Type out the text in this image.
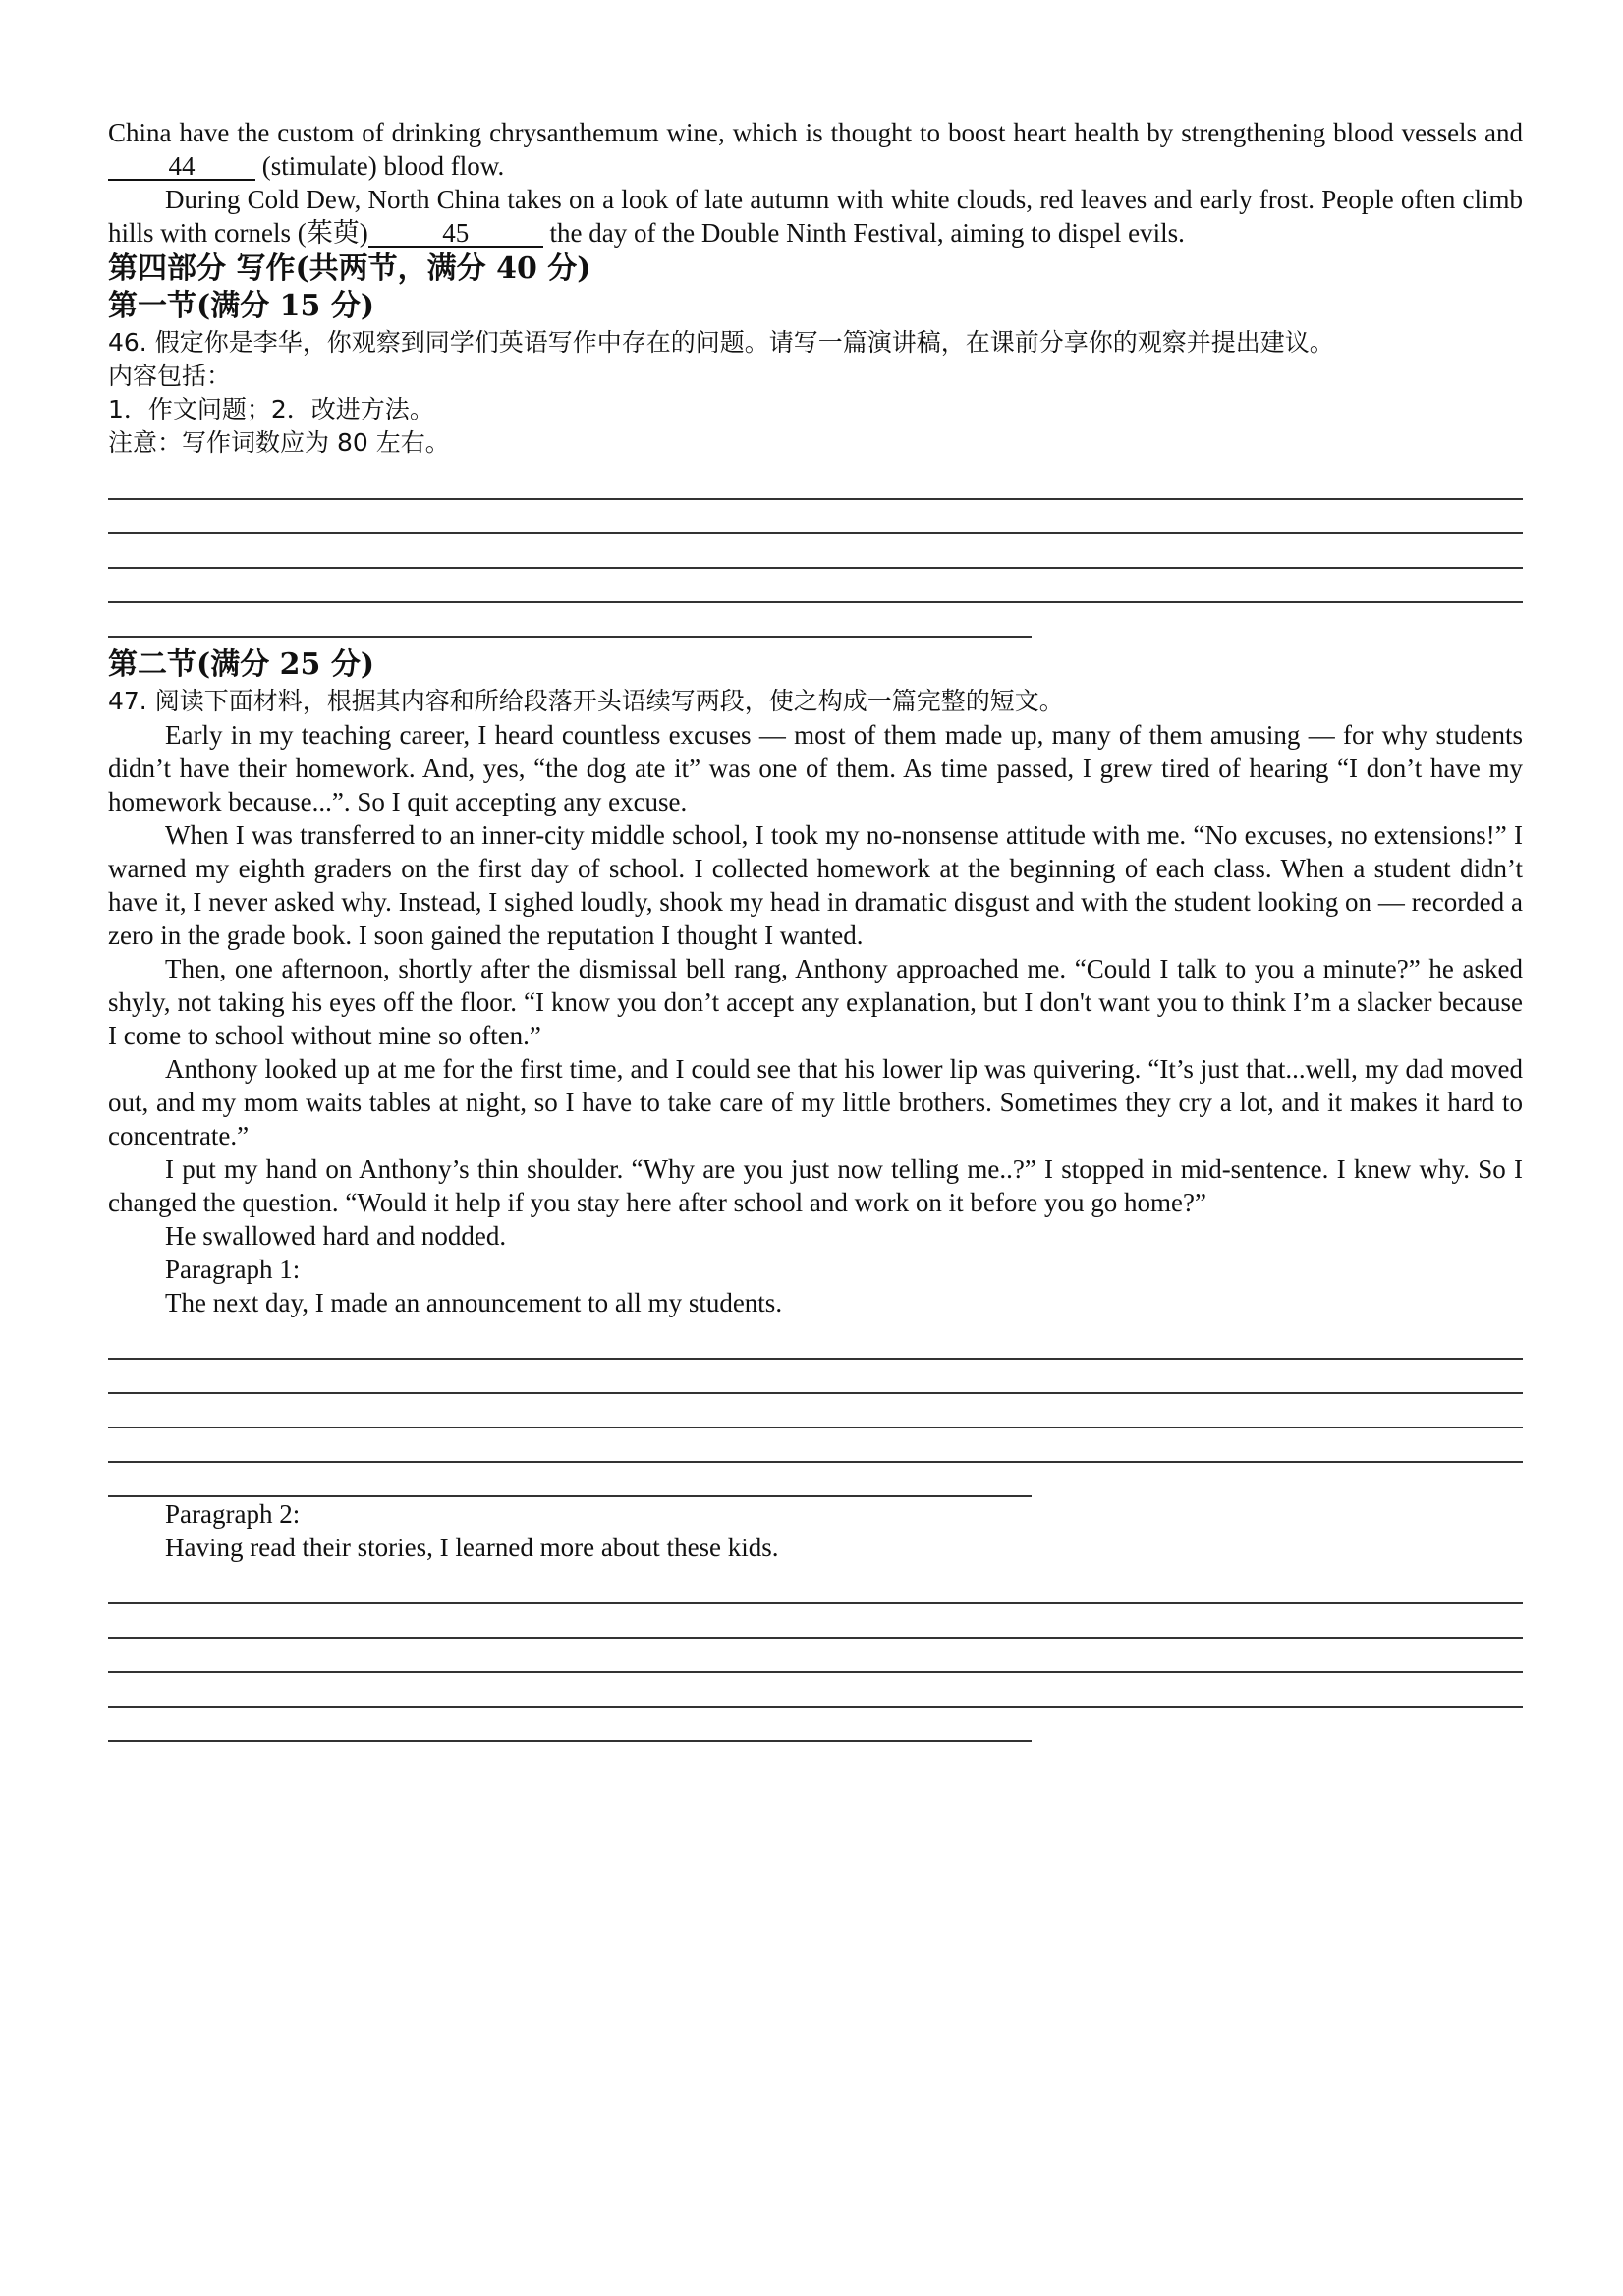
China have the custom of drinking chrysanthemum wine, which is thought to boost heart health by strengthening blood vessels and 44 (stimulate) blood flow.

During Cold Dew, North China takes on a look of late autumn with white clouds, red leaves and early frost. People often climb hills with cornels (茱萸)	45	the day of the Double Ninth Festival, aiming to dispel evils.

第四部分 写作(共两节，满分 40 分)

第一节(满分 15 分)

46. 假定你是李华，你观察到同学们英语写作中存在的问题。请写一篇演讲稿，在课前分享你的观察并提出建议。

内容包括：

1．作文问题；2．改进方法。

注意：写作词数应为 80 左右。

第二节(满分 25 分)

47. 阅读下面材料，根据其内容和所给段落开头语续写两段，使之构成一篇完整的短文。

Early in my teaching career, I heard countless excuses — most of them made up, many of them amusing — for why students didn’t have their homework. And, yes, “the dog ate it” was one of them. As time passed, I grew tired of hearing “I don’t have my homework because...”. So I quit accepting any excuse.

When I was transferred to an inner-city middle school, I took my no-nonsense attitude with me. “No excuses, no extensions!” I warned my eighth graders on the first day of school. I collected homework at the beginning of each class. When a student didn’t have it, I never asked why. Instead, I sighed loudly, shook my head in dramatic disgust and with the student looking on — recorded a zero in the grade book. I soon gained the reputation I thought I wanted.

Then, one afternoon, shortly after the dismissal bell rang, Anthony approached me. “Could I talk to you a minute?” he asked shyly, not taking his eyes off the floor. “I know you don’t accept any explanation, but I don't want you to think I’m a slacker because I come to school without mine so often.”

Anthony looked up at me for the first time, and I could see that his lower lip was quivering. “It’s just that...well, my dad moved out, and my mom waits tables at night, so I have to take care of my little brothers. Sometimes they cry a lot, and it makes it hard to concentrate.”

I put my hand on Anthony’s thin shoulder. “Why are you just now telling me..?” I stopped in mid-sentence. I knew why. So I changed the question. “Would it help if you stay here after school and work on it before you go home?”

He swallowed hard and nodded.

Paragraph 1:

The next day, I made an announcement to all my students.

Paragraph 2:

Having read their stories, I learned more about these kids.
